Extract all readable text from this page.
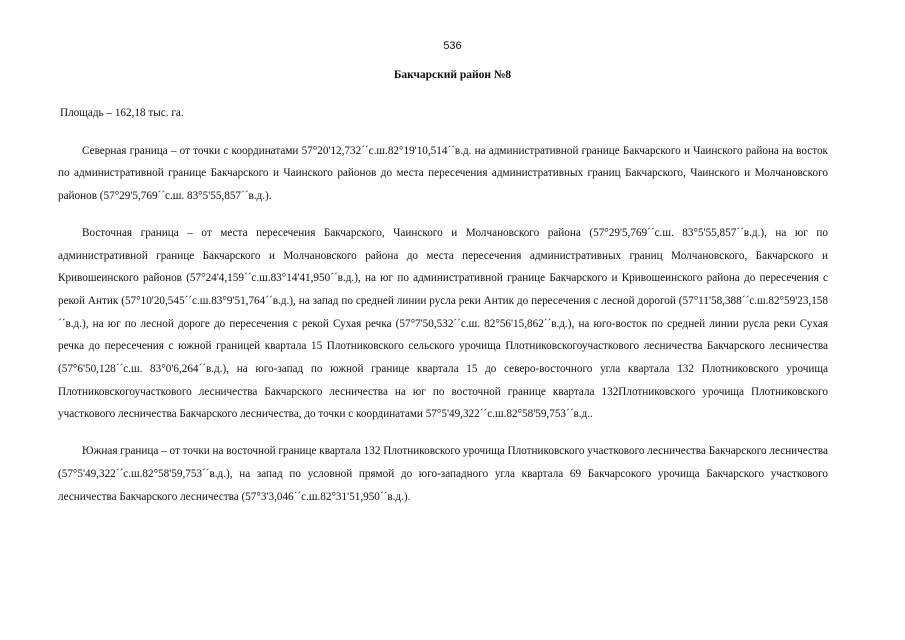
536
Бакчарский район №8

Площадь – 162,18 тыс. га.

Северная граница – от точки с координатами 57°20'12,732´´с.ш.82°19'10,514´´в.д. на административной границе Бакчарского и Чаинского района на восток по административной границе Бакчарского и Чаинского районов до места пересечения административных границ Бакчарского, Чаинского и Молчановского районов (57°29'5,769´´с.ш. 83°5'55,857´´в.д.).

Восточная граница – от места пересечения Бакчарского, Чаинского и Молчановского района (57°29'5,769´´с.ш. 83°5'55,857´´в.д.), на юг по административной границе Бакчарского и Молчановского района до места пересечения административных границ Молчановского, Бакчарского и Кривошеинского районов (57°24'4,159´´с.ш.83°14'41,950´´в.д.), на юг по административной границе Бакчарского и Кривошеинского района до пересечения с рекой Антик (57°10'20,545´´с.ш.83°9'51,764´´в.д.), на запад по средней линии русла реки Антик до пересечения с лесной дорогой (57°11'58,388´´с.ш.82°59'23,158´´в.д.), на юг по лесной дороге до пересечения с рекой Сухая речка (57°7'50,532´´с.ш. 82°56'15,862´´в.д.), на юго-восток по средней линии русла реки Сухая речка до пересечения с южной границей квартала 15 Плотниковского сельского урочища Плотниковскогоучасткового лесничества Бакчарского лесничества (57°6'50,128´´с.ш. 83°0'6,264´´в.д.), на юго-запад по южной границе квартала 15 до северо-восточного угла квартала 132 Плотниковского урочища Плотниковскогоучасткового лесничества Бакчарского лесничества на юг по восточной границе квартала 132Плотниковского урочища Плотниковского участкового лесничества Бакчарского лесничества, до точки с координатами 57°5'49,322´´с.ш.82°58'59,753´´в.д..

Южная граница – от точки на восточной границе квартала 132 Плотниковского урочища Плотниковского участкового лесничества Бакчарского лесничества (57°5'49,322´´с.ш.82°58'59,753´´в.д.), на запад по условной прямой до юго-западного угла квартала 69 Бакчарсокого урочища Бакчарского участкового лесничества Бакчарского лесничества (57°3'3,046´´с.ш.82°31'51,950´´в.д.).
